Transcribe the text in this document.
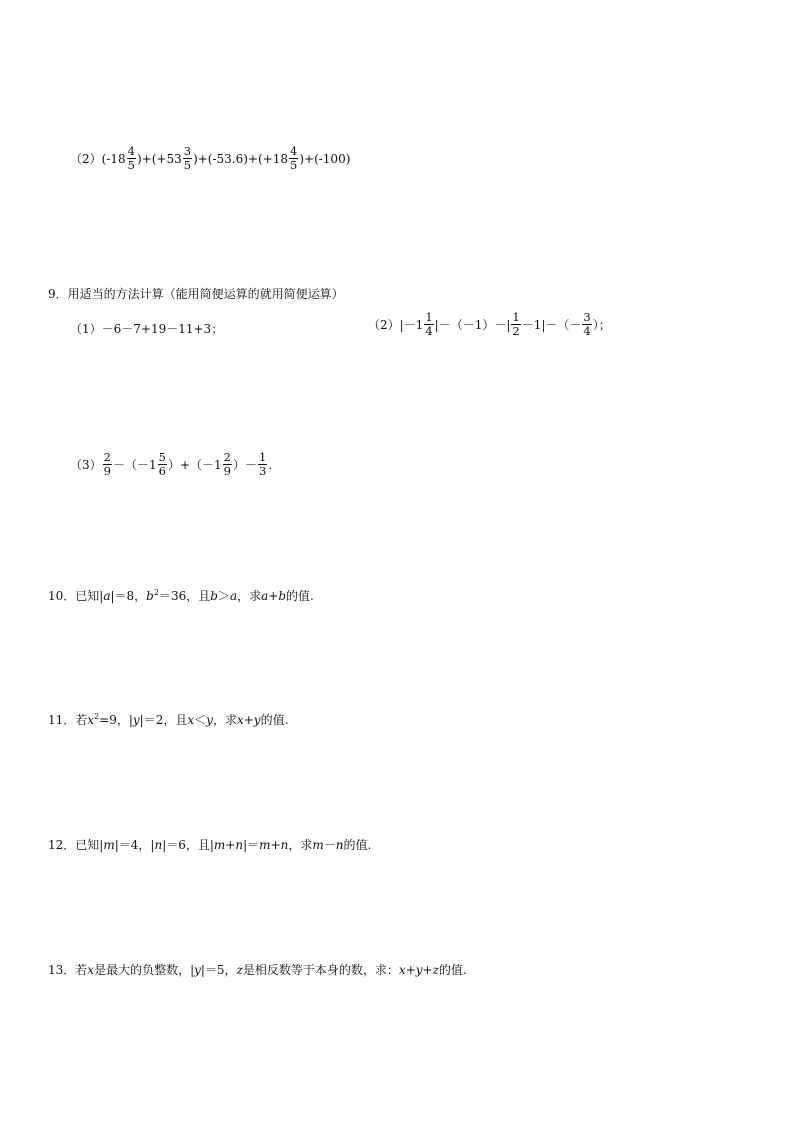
（2） $(-18 \frac{4}{5} )+(+53 \frac{3}{5} )+(-53.6)+(+18 \frac{4}{5} )+(-100)$
9．用适当的方法计算（能用简便运算的就用简便运算）
（1）－6－7+19－11+3；	$(2)|-1 \frac{1}{4} |-(-1)-| \frac{1}{2} -1|-(- \frac{3}{4}$ ）；
$(3) \frac{2}{9} -(-1 \frac{5}{6} )+(-1 \frac{2}{9}$ ）－ $\frac{1}{3}$ .
10．已知| a |＝8， $b^2 =36$，且 b ＞ a ，求 a+b 的值.
11．若 $x^2 =9$，| y |＝2，且 x ＜ y ，求 x+y 的值.
12．已知| m |＝4，| n |＝6，且| m+n |＝ m+n ，求 m － n 的值.
13．若 x 是最大的负整数，| y |＝5， z 是相反数等于本身的数，求： x+y+z 的值.
